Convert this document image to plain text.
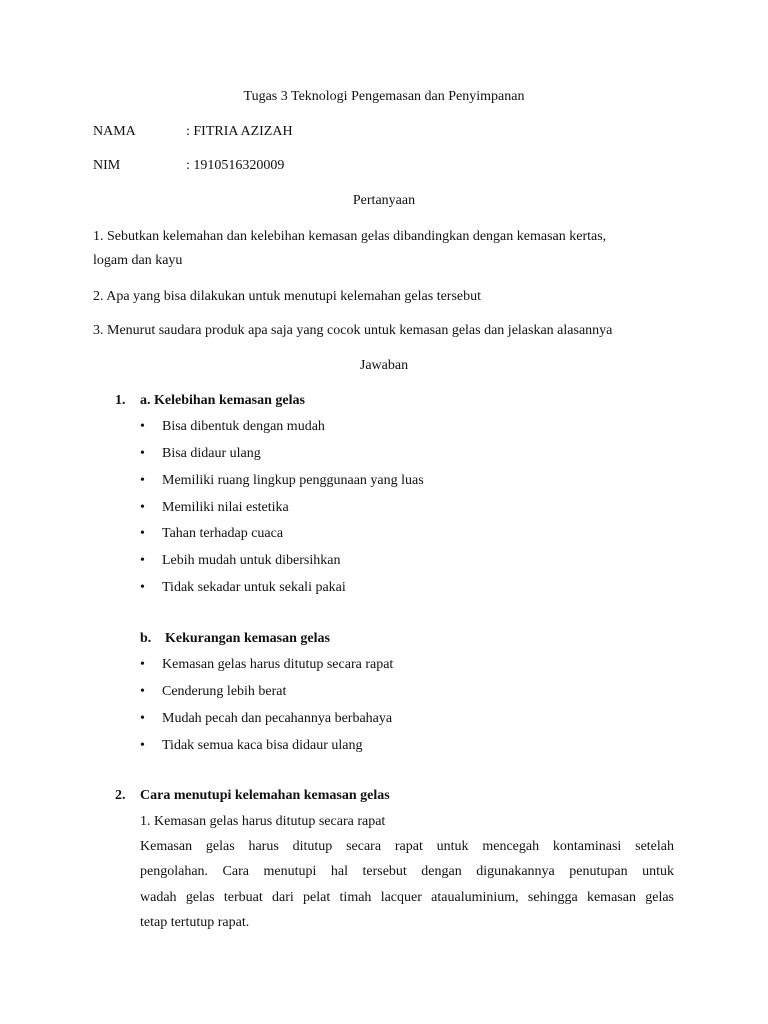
Tugas 3 Teknologi Pengemasan dan Penyimpanan
NAMA	: FITRIA AZIZAH
NIM	: 1910516320009
Pertanyaan
1. Sebutkan kelemahan dan kelebihan kemasan gelas dibandingkan dengan kemasan kertas,
logam dan kayu
2. Apa yang bisa dilakukan untuk menutupi kelemahan gelas tersebut
3. Menurut saudara produk apa saja yang cocok untuk kemasan gelas dan jelaskan alasannya
Jawaban
1. a. Kelebihan kemasan gelas
• Bisa dibentuk dengan mudah
• Bisa didaur ulang
• Memiliki ruang lingkup penggunaan yang luas
• Memiliki nilai estetika
• Tahan terhadap cuaca
• Lebih mudah untuk dibersihkan
• Tidak sekadar untuk sekali pakai
b. Kekurangan kemasan gelas
• Kemasan gelas harus ditutup secara rapat
• Cenderung lebih berat
• Mudah pecah dan pecahannya berbahaya
• Tidak semua kaca bisa didaur ulang
2. Cara menutupi kelemahan kemasan gelas
1. Kemasan gelas harus ditutup secara rapat
Kemasan gelas harus ditutup secara rapat untuk mencegah kontaminasi setelah
pengolahan. Cara menutupi hal tersebut dengan digunakannya penutupan untuk
wadah gelas terbuat dari pelat timah lacquer ataualuminium, sehingga kemasan gelas
tetap tertutup rapat.
